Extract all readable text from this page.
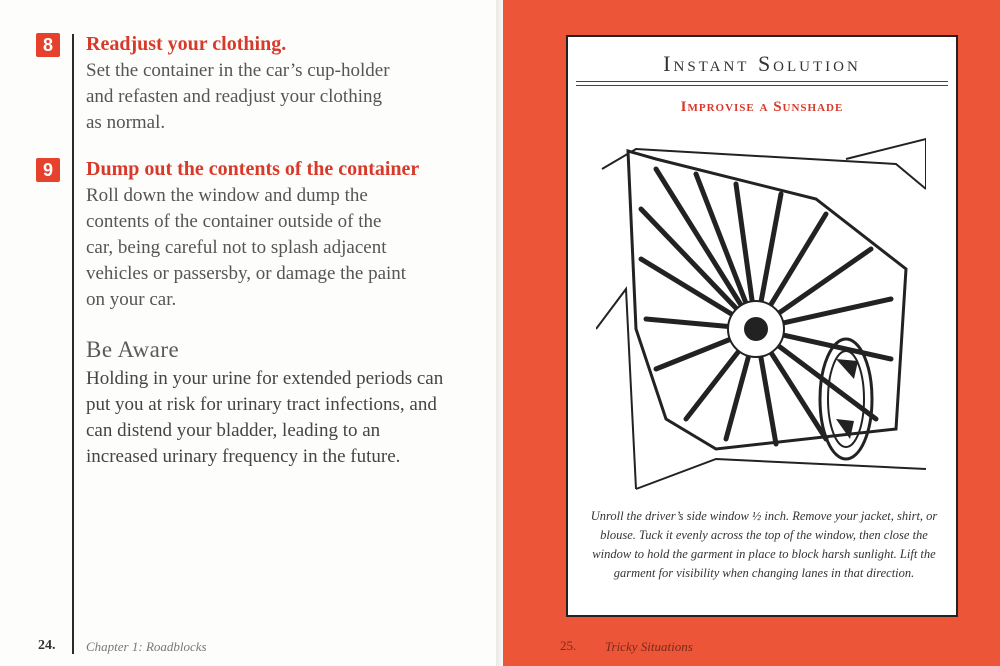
8	Readjust your clothing.
Set the container in the car’s cup-holder
and refasten and readjust your clothing
as normal.
9	Dump out the contents of the container
Roll down the window and dump the
contents of the container outside of the
car, being careful not to splash adjacent
vehicles or passersby, or damage the paint
on your car.
Be Aware
Holding in your urine for extended periods can put you at risk for urinary tract infections, and can distend your bladder, leading to an increased urinary frequency in the future.
24. Chapter 1: Roadblocks
Instant Solution
Improvise a Sunshade
Unroll the driver’s side window ½ inch. Remove your jacket, shirt, or blouse. Tuck it evenly across the top of the window, then close the window to hold the garment in place to block harsh sunlight. Lift the garment for visibility when changing lanes in that direction.
25. Tricky Situations
